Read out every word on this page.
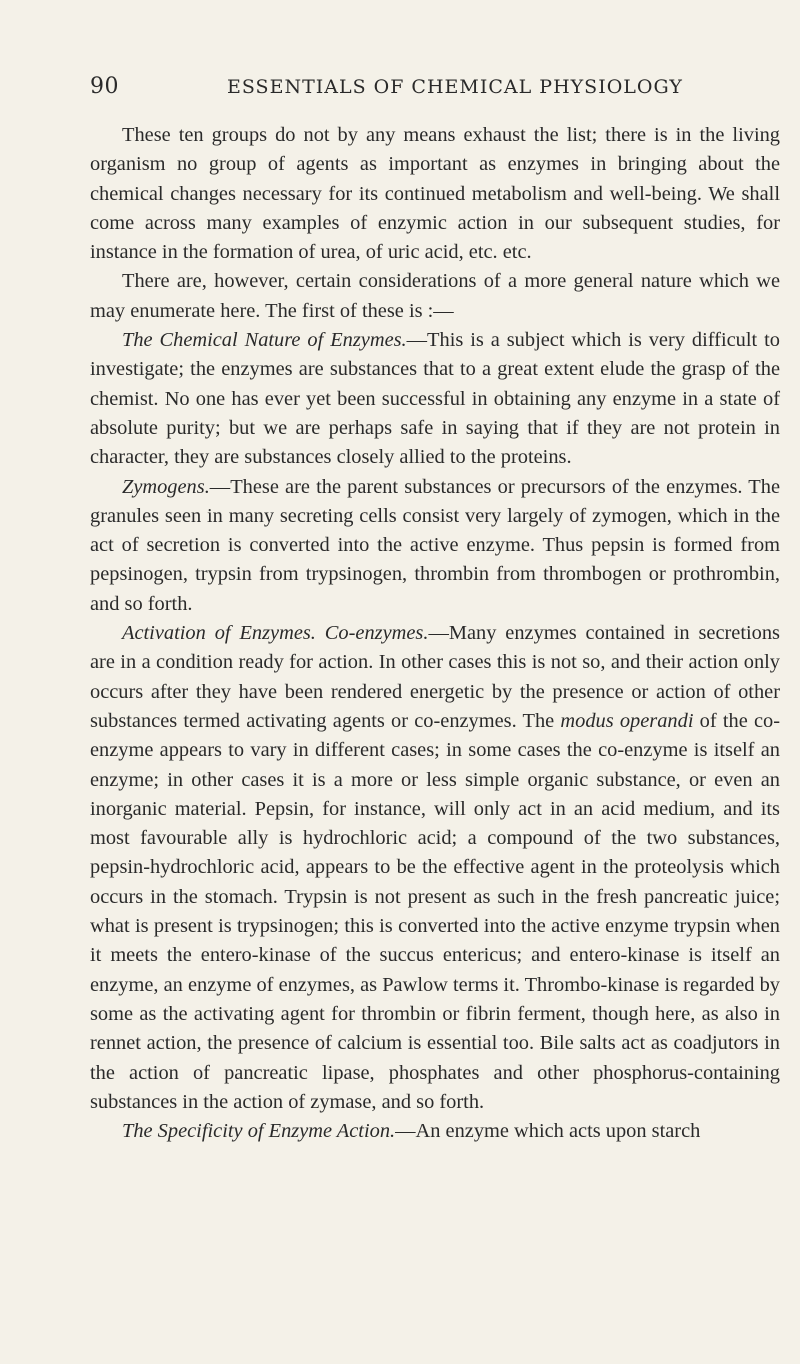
90	ESSENTIALS OF CHEMICAL PHYSIOLOGY

These ten groups do not by any means exhaust the list; there is in the living organism no group of agents as important as enzymes in bringing about the chemical changes necessary for its continued metabolism and well-being. We shall come across many examples of enzymic action in our subsequent studies, for instance in the formation of urea, of uric acid, etc. etc.

There are, however, certain considerations of a more general nature which we may enumerate here. The first of these is :—

The Chemical Nature of Enzymes.—This is a subject which is very difficult to investigate; the enzymes are substances that to a great extent elude the grasp of the chemist. No one has ever yet been successful in obtaining any enzyme in a state of absolute purity; but we are perhaps safe in saying that if they are not protein in character, they are substances closely allied to the proteins.

Zymogens.—These are the parent substances or precursors of the enzymes. The granules seen in many secreting cells consist very largely of zymogen, which in the act of secretion is converted into the active enzyme. Thus pepsin is formed from pepsinogen, trypsin from trypsinogen, thrombin from thrombogen or prothrombin, and so forth.

Activation of Enzymes. Co-enzymes.—Many enzymes contained in secretions are in a condition ready for action. In other cases this is not so, and their action only occurs after they have been rendered energetic by the presence or action of other substances termed activating agents or co-enzymes. The modus operandi of the co-enzyme appears to vary in different cases; in some cases the co-enzyme is itself an enzyme; in other cases it is a more or less simple organic substance, or even an inorganic material. Pepsin, for instance, will only act in an acid medium, and its most favourable ally is hydrochloric acid; a compound of the two substances, pepsin-hydrochloric acid, appears to be the effective agent in the proteolysis which occurs in the stomach. Trypsin is not present as such in the fresh pancreatic juice; what is present is trypsinogen; this is converted into the active enzyme trypsin when it meets the entero-kinase of the succus entericus; and entero-kinase is itself an enzyme, an enzyme of enzymes, as Pawlow terms it. Thrombo-kinase is regarded by some as the activating agent for thrombin or fibrin ferment, though here, as also in rennet action, the presence of calcium is essential too. Bile salts act as coadjutors in the action of pancreatic lipase, phosphates and other phosphorus-containing substances in the action of zymase, and so forth.

The Specificity of Enzyme Action.—An enzyme which acts upon starch
